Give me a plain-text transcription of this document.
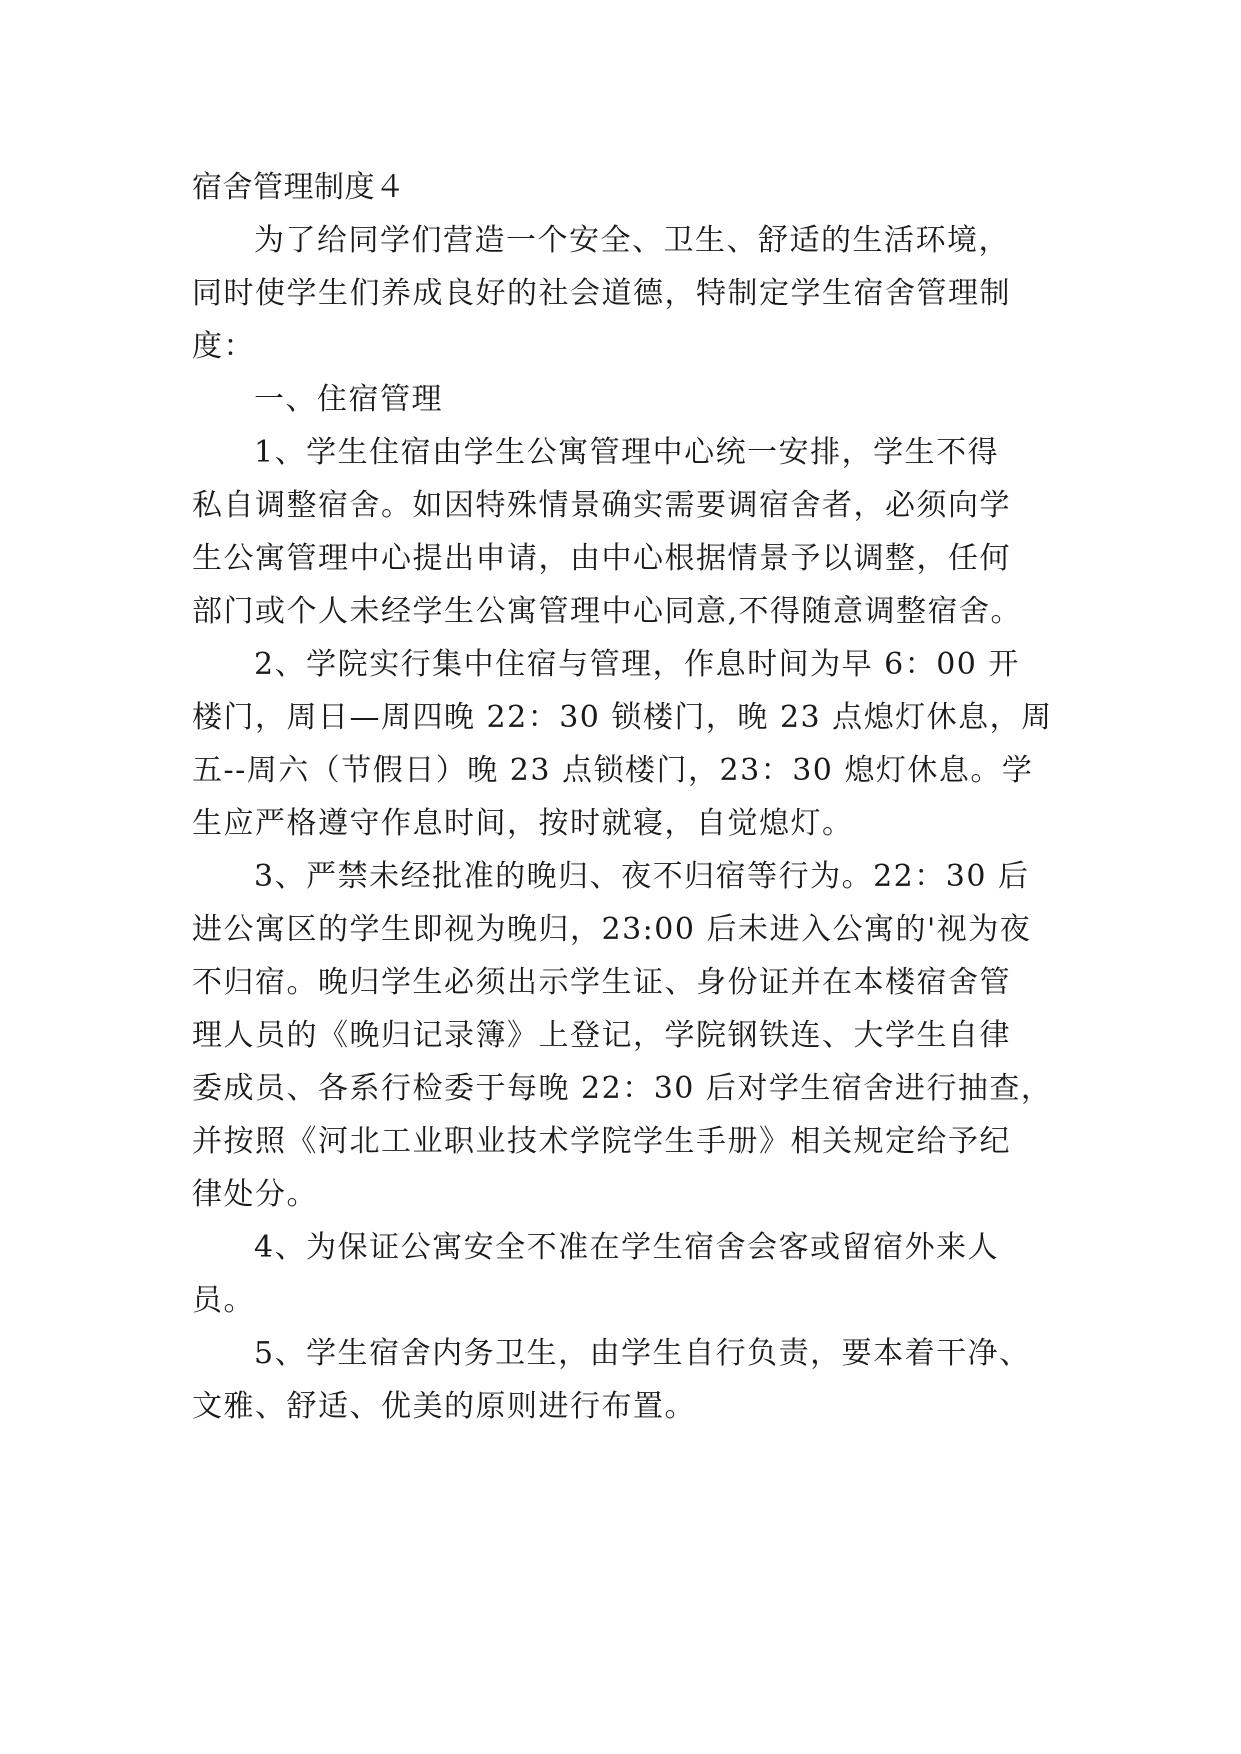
宿舍管理制度４
为了给同学们营造一个安全、卫生、舒适的生活环境，
同时使学生们养成良好的社会道德，特制定学生宿舍管理制
度：
一、住宿管理
1、学生住宿由学生公寓管理中心统一安排，学生不得
私自调整宿舍。如因特殊情景确实需要调宿舍者，必须向学
生公寓管理中心提出申请，由中心根据情景予以调整，任何
部门或个人未经学生公寓管理中心同意,不得随意调整宿舍。
2、学院实行集中住宿与管理，作息时间为早 6：00 开
楼门，周日—周四晚 22：30 锁楼门，晚 23 点熄灯休息，周
五--周六（节假日）晚 23 点锁楼门，23：30 熄灯休息。学
生应严格遵守作息时间，按时就寝，自觉熄灯。
3、严禁未经批准的晚归、夜不归宿等行为。22：30 后
进公寓区的学生即视为晚归，23:00 后未进入公寓的'视为夜
不归宿。晚归学生必须出示学生证、身份证并在本楼宿舍管
理人员的《晚归记录簿》上登记，学院钢铁连、大学生自律
委成员、各系行检委于每晚 22：30 后对学生宿舍进行抽查，
并按照《河北工业职业技术学院学生手册》相关规定给予纪
律处分。
4、为保证公寓安全不准在学生宿舍会客或留宿外来人
员。
5、学生宿舍内务卫生，由学生自行负责，要本着干净、
文雅、舒适、优美的原则进行布置。
